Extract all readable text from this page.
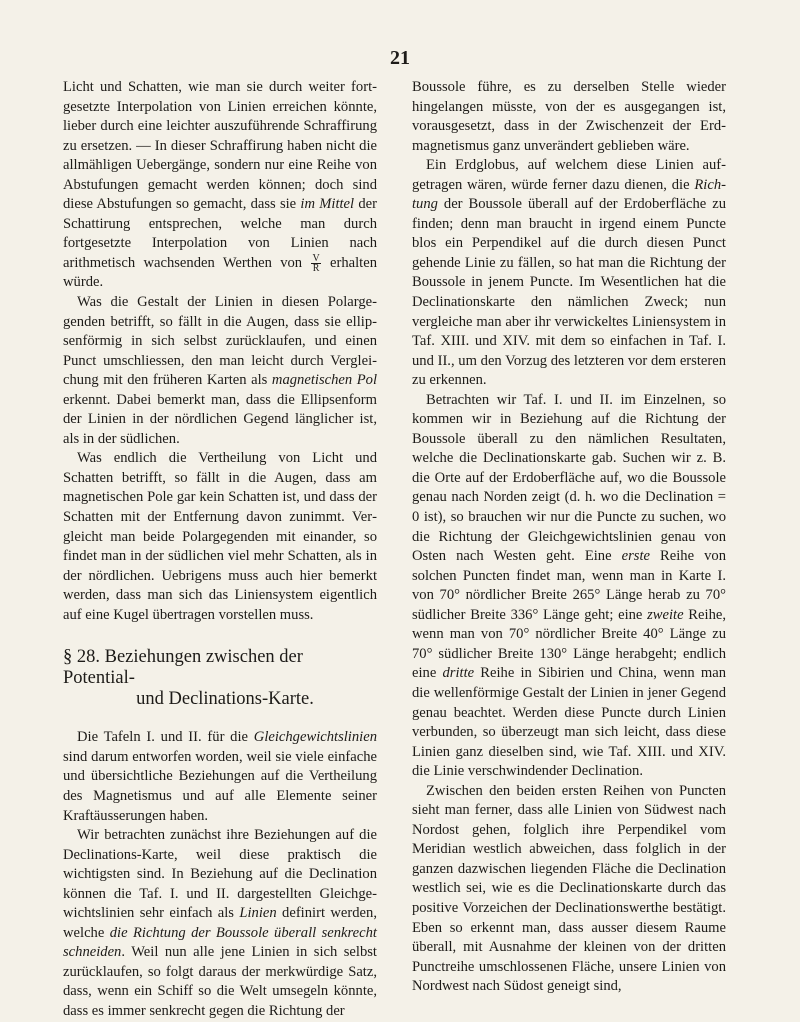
21

Licht und Schatten, wie man sie durch weiter fortgesetzte Interpolation von Linien erreichen könnte, lieber durch eine leichter auszuführende Schraffirung zu ersetzen. — In dieser Schraffirung haben nicht die allmähligen Uebergänge, sondern nur eine Reihe von Abstufungen gemacht werden können; doch sind diese Abstufungen so gemacht, dass sie im Mittel der Schattirung entsprechen, welche man durch fortgesetzte Interpolation von Linien nach arithmetisch wachsenden Werthen von $\frac{V}{R}$ erhalten würde.

Was die Gestalt der Linien in diesen Polargegenden betrifft, so fällt in die Augen, dass sie ellipsenförmig in sich selbst zurücklaufen, und einen Punct umschliessen, den man leicht durch Vergleichung mit den früheren Karten als magnetischen Pol erkennt. Dabei bemerkt man, dass die Ellipsenform der Linien in der nördlichen Gegend länglicher ist, als in der südlichen.

Was endlich die Vertheilung von Licht und Schatten betrifft, so fällt in die Augen, dass am magnetischen Pole gar kein Schatten ist, und dass der Schatten mit der Entfernung davon zunimmt. Vergleicht man beide Polargegenden mit einander, so findet man in der südlichen viel mehr Schatten, als in der nördlichen. Uebrigens muss auch hier bemerkt werden, dass man sich das Liniensystem eigentlich auf eine Kugel übertragen vorstellen muss.

§ 28. Beziehungen zwischen der Potential-
und Declinations-Karte.

Die Tafeln I. und II. für die Gleichgewichtslinien sind darum entworfen worden, weil sie viele einfache und übersichtliche Beziehungen auf die Vertheilung des Magnetismus und auf alle Elemente seiner Kraftäusserungen haben.

Wir betrachten zunächst ihre Beziehungen auf die Declinations-Karte, weil diese praktisch die wichtigsten sind. In Beziehung auf die Declination können die Taf. I. und II. dargestellten Gleichgewichtslinien sehr einfach als Linien definirt werden, welche die Richtung der Boussole überall senkrecht schneiden. Weil nun alle jene Linien in sich selbst zurücklaufen, so folgt daraus der merkwürdige Satz, dass, wenn ein Schiff so die Welt umsegeln könnte, dass es immer senkrecht gegen die Richtung der

Boussole führe, es zu derselben Stelle wieder hingelangen müsste, von der es ausgegangen ist, vorausgesetzt, dass in der Zwischenzeit der Erdmagnetismus ganz unverändert geblieben wäre.

Ein Erdglobus, auf welchem diese Linien aufgetragen wären, würde ferner dazu dienen, die Richtung der Boussole überall auf der Erdoberfläche zu finden; denn man braucht in irgend einem Puncte blos ein Perpendikel auf die durch diesen Punct gehende Linie zu fällen, so hat man die Richtung der Boussole in jenem Puncte. Im Wesentlichen hat die Declinationskarte den nämlichen Zweck; nun vergleiche man aber ihr verwickeltes Liniensystem in Taf. XIII. und XIV. mit dem so einfachen in Taf. I. und II., um den Vorzug des letzteren vor dem ersteren zu erkennen.

Betrachten wir Taf. I. und II. im Einzelnen, so kommen wir in Beziehung auf die Richtung der Boussole überall zu den nämlichen Resultaten, welche die Declinationskarte gab. Suchen wir z. B. die Orte auf der Erdoberfläche auf, wo die Boussole genau nach Norden zeigt (d. h. wo die Declination = 0 ist), so brauchen wir nur die Puncte zu suchen, wo die Richtung der Gleichgewichtslinien genau von Osten nach Westen geht. Eine erste Reihe von solchen Puncten findet man, wenn man in Karte I. von 70° nördlicher Breite 265° Länge herab zu 70° südlicher Breite 336° Länge geht; eine zweite Reihe, wenn man von 70° nördlicher Breite 40° Länge zu 70° südlicher Breite 130° Länge herabgeht; endlich eine dritte Reihe in Sibirien und China, wenn man die wellenförmige Gestalt der Linien in jener Gegend genau beachtet. Werden diese Puncte durch Linien verbunden, so überzeugt man sich leicht, dass diese Linien ganz dieselben sind, wie Taf. XIII. und XIV. die Linie verschwindender Declination.

Zwischen den beiden ersten Reihen von Puncten sieht man ferner, dass alle Linien von Südwest nach Nordost gehen, folglich ihre Perpendikel vom Meridian westlich abweichen, dass folglich in der ganzen dazwischen liegenden Fläche die Declination westlich sei, wie es die Declinationskarte durch das positive Vorzeichen der Declinationswerthe bestätigt. Eben so erkennt man, dass ausser diesem Raume überall, mit Ausnahme der kleinen von der dritten Punctreihe umschlossenen Fläche, unsere Linien von Nordwest nach Südost geneigt sind,
